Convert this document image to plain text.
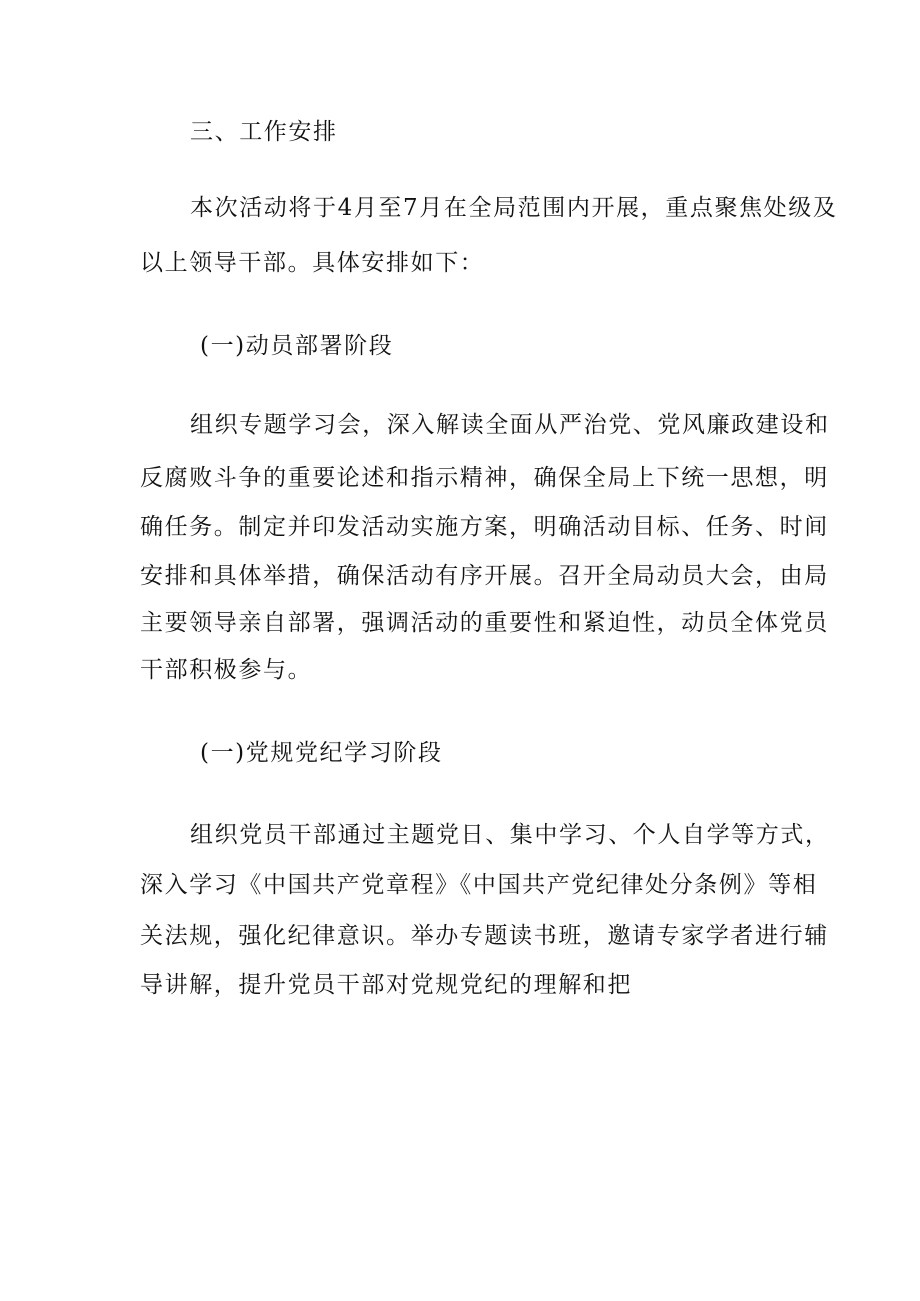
三、工作安排
本次活动将于4月至7月在全局范围内开展，重点聚焦处级及
以上领导干部。具体安排如下：
(一)动员部署阶段
组织专题学习会，深入解读全面从严治党、党风廉政建设和
反腐败斗争的重要论述和指示精神，确保全局上下统一思想，明
确任务。制定并印发活动实施方案，明确活动目标、任务、时间
安排和具体举措，确保活动有序开展。召开全局动员大会，由局
主要领导亲自部署，强调活动的重要性和紧迫性，动员全体党员
干部积极参与。
(一)党规党纪学习阶段
组织党员干部通过主题党日、集中学习、个人自学等方式，
深入学习《中国共产党章程》《中国共产党纪律处分条例》等相
关法规，强化纪律意识。举办专题读书班，邀请专家学者进行辅
导讲解，提升党员干部对党规党纪的理解和把
